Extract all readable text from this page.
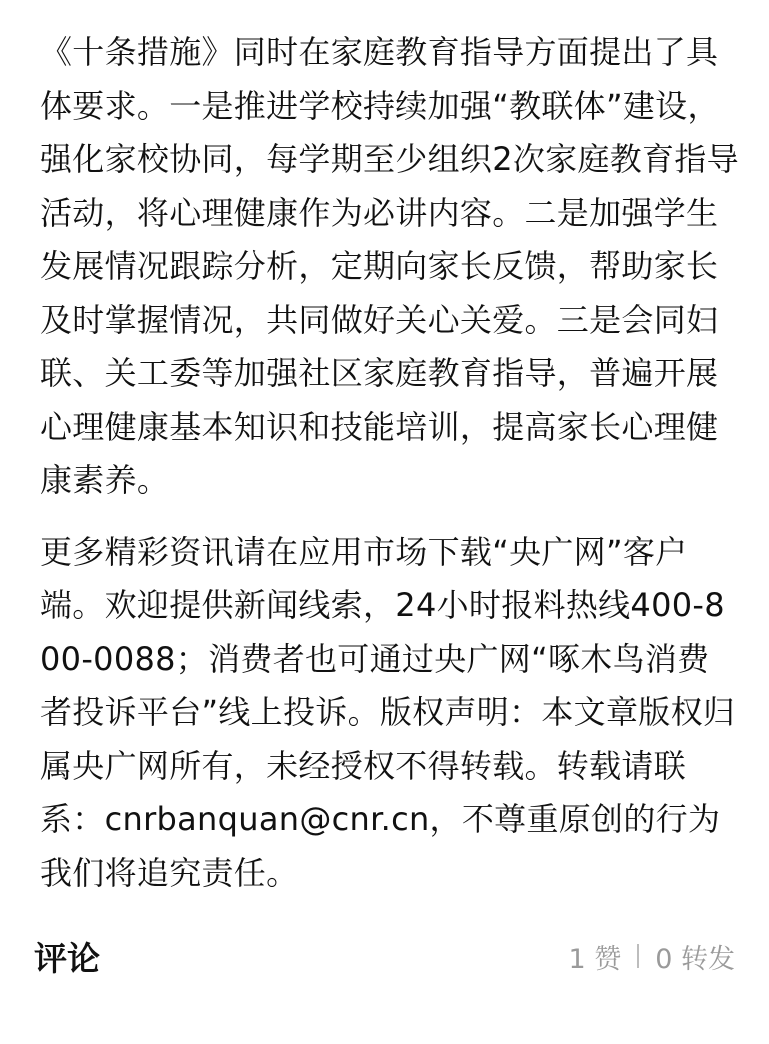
《十条措施》同时在家庭教育指导方面提出了具体要求。一是推进学校持续加强“教联体”建设，强化家校协同，每学期至少组织2次家庭教育指导活动，将心理健康作为必讲内容。二是加强学生发展情况跟踪分析，定期向家长反馈，帮助家长及时掌握情况，共同做好关心关爱。三是会同妇联、关工委等加强社区家庭教育指导，普遍开展心理健康基本知识和技能培训，提高家长心理健康素养。

更多精彩资讯请在应用市场下载“央广网”客户端。欢迎提供新闻线索，24小时报料热线400-800-0088；消费者也可通过央广网“啄木鸟消费者投诉平台”线上投诉。版权声明：本文章版权归属央广网所有，未经授权不得转载。转载请联系：cnrbanquan@cnr.cn，不尊重原创的行为我们将追究责任。

评论	1 赞 0 转发
